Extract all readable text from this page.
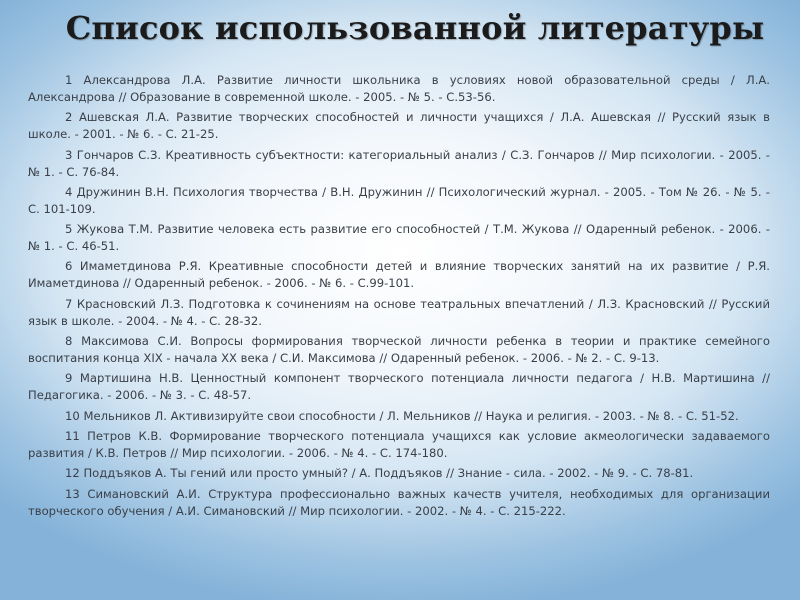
Список использованной литературы

1 Александрова Л.А. Развитие личности школьника в условиях новой образовательной среды / Л.А. Александрова // Образование в современной школе. - 2005. - № 5. - С.53-56.

2 Ашевская Л.А. Развитие творческих способностей и личности учащихся / Л.А. Ашевская // Русский язык в школе. - 2001. - № 6. - С. 21-25.

3 Гончаров С.З. Креативность субъектности: категориальный анализ / С.З. Гончаров // Мир психологии. - 2005. - № 1. - С. 76-84.

4 Дружинин В.Н. Психология творчества / В.Н. Дружинин // Психологический журнал. - 2005. - Том № 26. - № 5. - С. 101-109.

5 Жукова Т.М. Развитие человека есть развитие его способностей / Т.М. Жукова // Одаренный ребенок. - 2006. - № 1. - С. 46-51.

6 Имаметдинова Р.Я. Креативные способности детей и влияние творческих занятий на их развитие / Р.Я. Имаметдинова // Одаренный ребенок. - 2006. - № 6. - С.99-101.

7 Красновский Л.З. Подготовка к сочинениям на основе театральных впечатлений / Л.З. Красновский // Русский язык в школе. - 2004. - № 4. - С. 28-32.

8 Максимова С.И. Вопросы формирования творческой личности ребенка в теории и практике семейного воспитания конца XIX - начала XX века / С.И. Максимова // Одаренный ребенок. - 2006. - № 2. - С. 9-13.

9 Мартишина Н.В. Ценностный компонент творческого потенциала личности педагога / Н.В. Мартишина // Педагогика. - 2006. - № 3. - С. 48-57.

10 Мельников Л. Активизируйте свои способности / Л. Мельников // Наука и религия. - 2003. - № 8. - С. 51-52.

11 Петров К.В. Формирование творческого потенциала учащихся как условие акмеологически задаваемого развития / К.В. Петров // Мир психологии. - 2006. - № 4. - С. 174-180.

12 Поддъяков А. Ты гений или просто умный? / А. Поддъяков // Знание - сила. - 2002. - № 9. - С. 78-81.

13 Симановский А.И. Структура профессионально важных качеств учителя, необходимых для организации творческого обучения / А.И. Симановский // Мир психологии. - 2002. - № 4. - С. 215-222.
